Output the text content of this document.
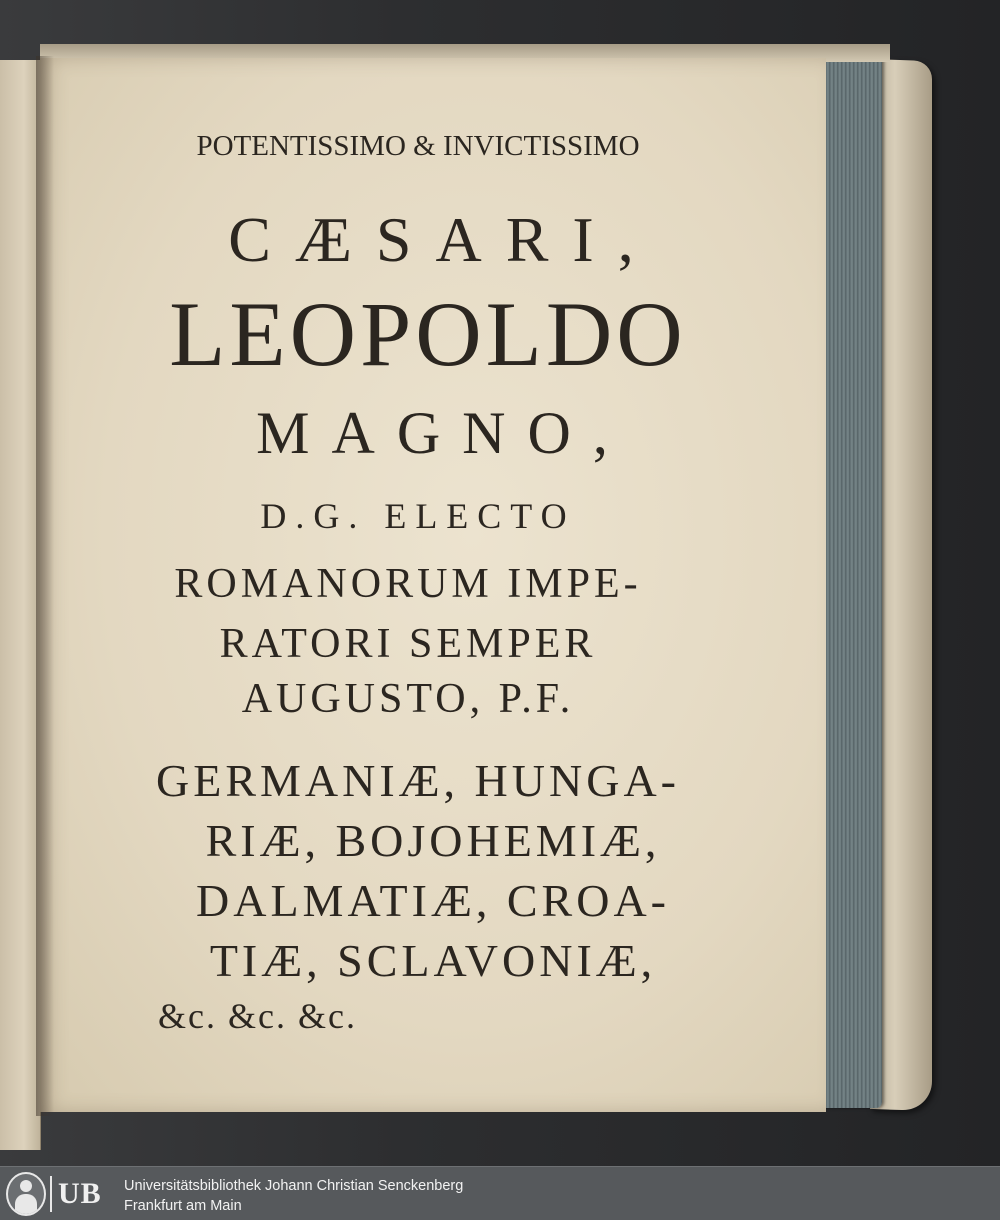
POTENTISSIMO & INVICTISSIMO
CÆSARI,
LEOPOLDO
MAGNO,
D.G. ELECTO
ROMANORUM IMPE-
RATORI SEMPER
AUGUSTO, P.F.
GERMANIÆ, HUNGA-
RIÆ, BOJOHEMIÆ,
DALMATIÆ, CROA-
TIÆ, SCLAVONIÆ,
&c. &c. &c.
UB Universitätsbibliothek Johann Christian Senckenberg
Frankfurt am Main
